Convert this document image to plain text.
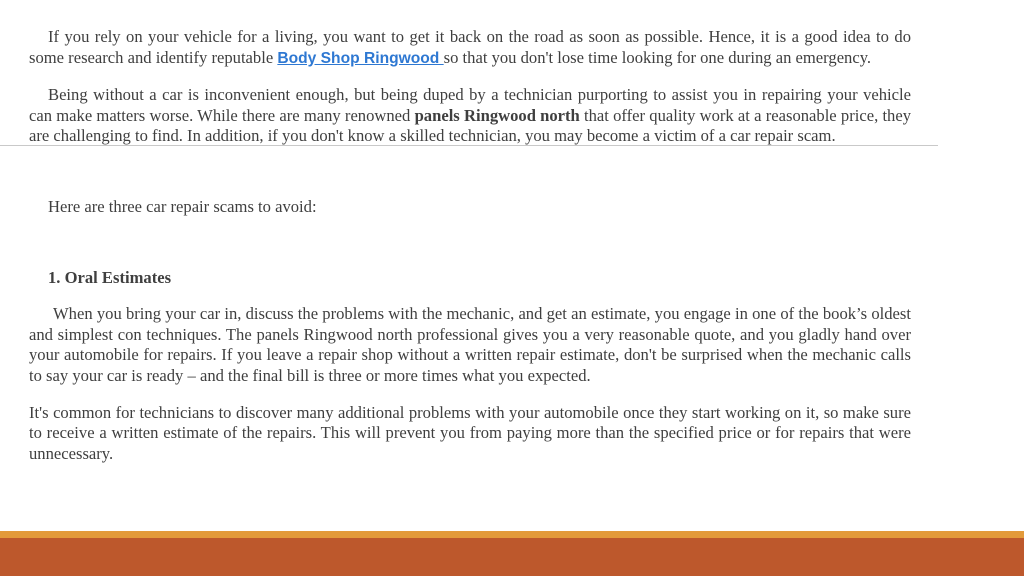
If you rely on your vehicle for a living, you want to get it back on the road as soon as possible. Hence, it is a good idea to do some research and identify reputable Body Shop Ringwood so that you don't lose time looking for one during an emergency.

Being without a car is inconvenient enough, but being duped by a technician purporting to assist you in repairing your vehicle can make matters worse. While there are many renowned panels Ringwood north that offer quality work at a reasonable price, they are challenging to find. In addition, if you don't know a skilled technician, you may become a victim of a car repair scam.

Here are three car repair scams to avoid:

1. Oral Estimates

When you bring your car in, discuss the problems with the mechanic, and get an estimate, you engage in one of the book’s oldest and simplest con techniques. The panels Ringwood north professional gives you a very reasonable quote, and you gladly hand over your automobile for repairs. If you leave a repair shop without a written repair estimate, don't be surprised when the mechanic calls to say your car is ready – and the final bill is three or more times what you expected.

It's common for technicians to discover many additional problems with your automobile once they start working on it, so make sure to receive a written estimate of the repairs. This will prevent you from paying more than the specified price or for repairs that were unnecessary.
